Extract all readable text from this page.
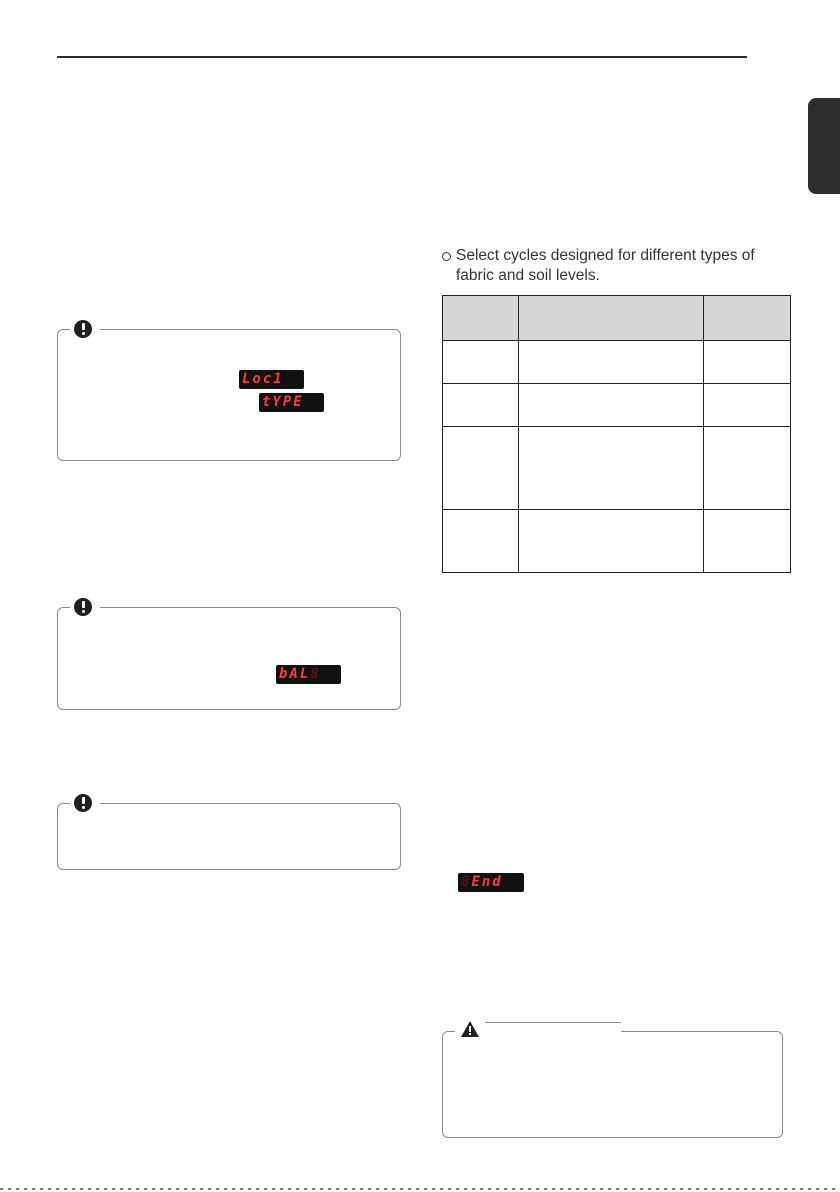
Loc1
tYPE
bAL8
Select cycles designed for different types of fabric and soil levels.

8End
